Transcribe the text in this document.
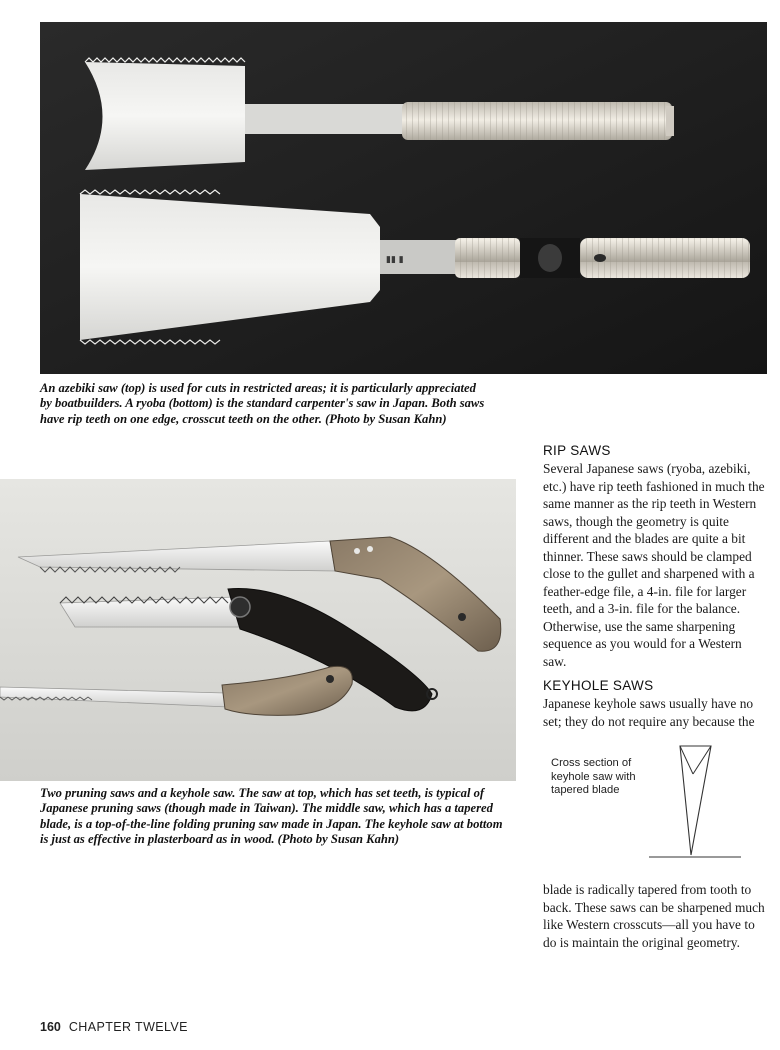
▮▮ ▮
An azebiki saw (top) is used for cuts in restricted areas; it is particularly appreciated by boatbuilders. A ryoba (bottom) is the standard carpenter's saw in Japan. Both saws have rip teeth on one edge, crosscut teeth on the other. (Photo by Susan Kahn)
Two pruning saws and a keyhole saw. The saw at top, which has set teeth, is typical of Japanese pruning saws (though made in Taiwan). The middle saw, which has a tapered blade, is a top-of-the-line folding pruning saw made in Japan. The keyhole saw at bottom is just as effective in plasterboard as in wood. (Photo by Susan Kahn)
RIP SAWS
Several Japanese saws (ryoba, azebiki, etc.) have rip teeth fashioned in much the same manner as the rip teeth in Western saws, though the geometry is quite different and the blades are quite a bit thinner. These saws should be clamped close to the gullet and sharpened with a feather-edge file, a 4-in. file for larger teeth, and a 3-in. file for the balance. Otherwise, use the same sharpening sequence as you would for a Western saw.
KEYHOLE SAWS
Japanese keyhole saws usually have no set; they do not require any because the
Cross section of keyhole saw with tapered blade
blade is radically tapered from tooth to back. These saws can be sharpened much like Western crosscuts—all you have to do is maintain the original geometry.
160 CHAPTER TWELVE
